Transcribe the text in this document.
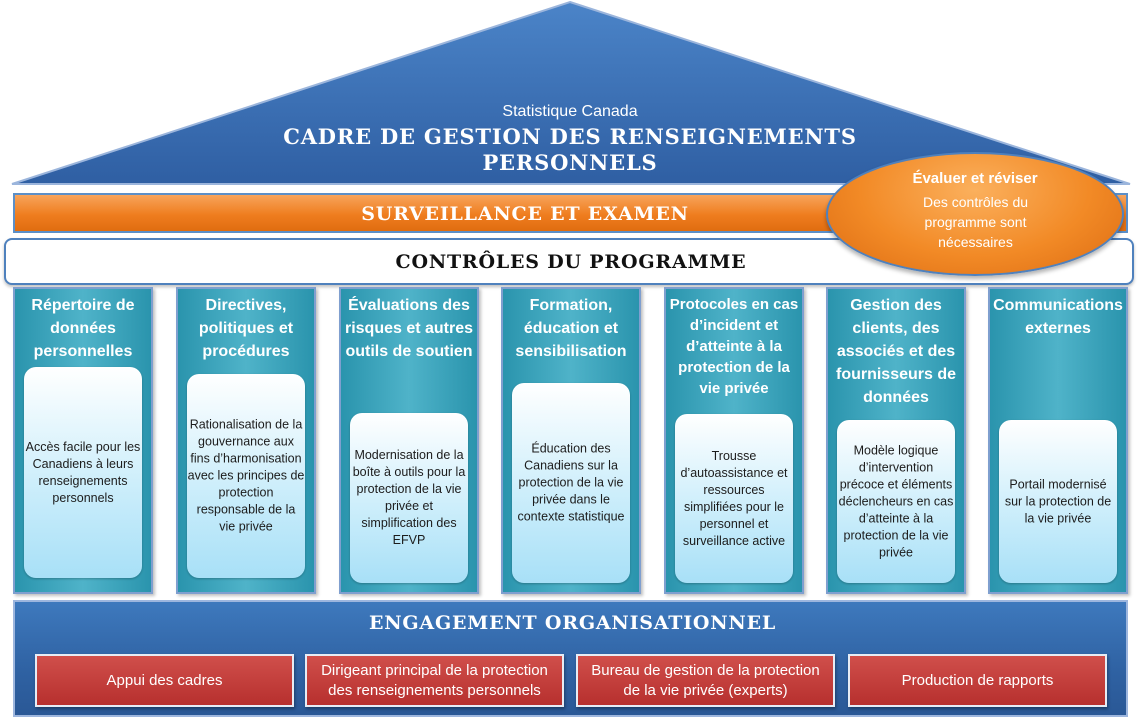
Statistique Canada
CADRE DE GESTION DES RENSEIGNEMENTS
PERSONNELS
SURVEILLANCE ET EXAMEN
CONTRÔLES DU PROGRAMME
Évaluer et réviser
Des contrôles du programme sont nécessaires
Répertoire de données personnelles
Accès facile pour les Canadiens à leurs renseignements personnels
Directives, politiques et procédures
Rationalisation de la gouvernance aux fins d’harmonisation avec les principes de protection responsable de la vie privée
Évaluations des risques et autres outils de soutien
Modernisation de la boîte à outils pour la protection de la vie privée et simplification des EFVP
Formation, éducation et sensibilisation
Éducation des Canadiens sur la protection de la vie privée dans le contexte statistique
Protocoles en cas d’incident et d’atteinte à la protection de la vie privée
Trousse d’autoassistance et ressources simplifiées pour le personnel et surveillance active
Gestion des clients, des associés et des fournisseurs de données
Modèle logique d’intervention précoce et éléments déclencheurs en cas d’atteinte à la protection de la vie privée
Communications externes
Portail modernisé sur la protection de la vie privée
ENGAGEMENT ORGANISATIONNEL
Appui des cadres
Dirigeant principal de la protection des renseignements personnels
Bureau de gestion de la protection de la vie privée (experts)
Production de rapports
